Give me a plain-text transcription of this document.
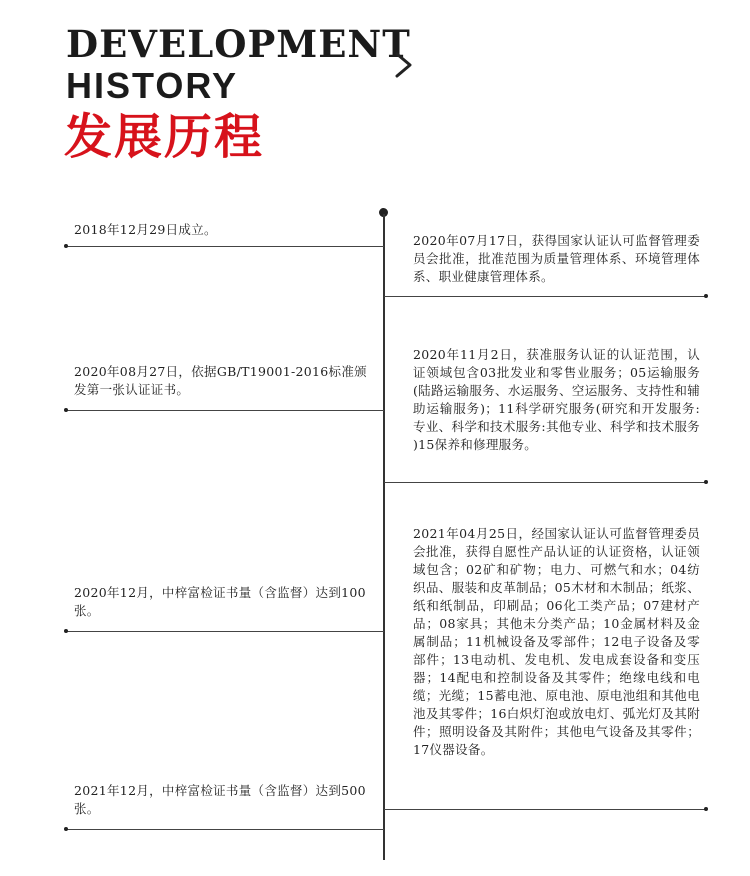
DEVELOPMENT
HISTORY
发展历程

2018年12月29日成立。

2020年08月27日，依据GB/T19001-2016标准颁发第一张认证证书。

2020年12月，中梓富检证书量（含监督）达到100张。

2021年12月，中梓富检证书量（含监督）达到500张。

2020年07月17日，获得国家认证认可监督管理委员会批准，批准范围为质量管理体系、环境管理体系、职业健康管理体系。

2020年11月2日，获准服务认证的认证范围，认证领域包含03批发业和零售业服务；05运输服务(陆路运输服务、水运服务、空运服务、支持性和辅助运输服务)；11科学研究服务(研究和开发服务:专业、科学和技术服务:其他专业、科学和技术服务 )15保养和修理服务。

2021年04月25日，经国家认证认可监督管理委员会批准，获得自愿性产品认证的认证资格，认证领域包含；02矿和矿物；电力、可燃气和水；04纺织品、服装和皮革制品；05木材和木制品；纸浆、纸和纸制品，印刷品；06化工类产品；07建材产品；08家具；其他未分类产品；10金属材料及金属制品；11机械设备及零部件；12电子设备及零部件；13电动机、发电机、发电成套设备和变压器；14配电和控制设备及其零件；绝缘电线和电缆；光缆；15蓄电池、原电池、原电池组和其他电池及其零件；16白炽灯泡或放电灯、弧光灯及其附件；照明设备及其附件；其他电气设备及其零件；17仪器设备。
